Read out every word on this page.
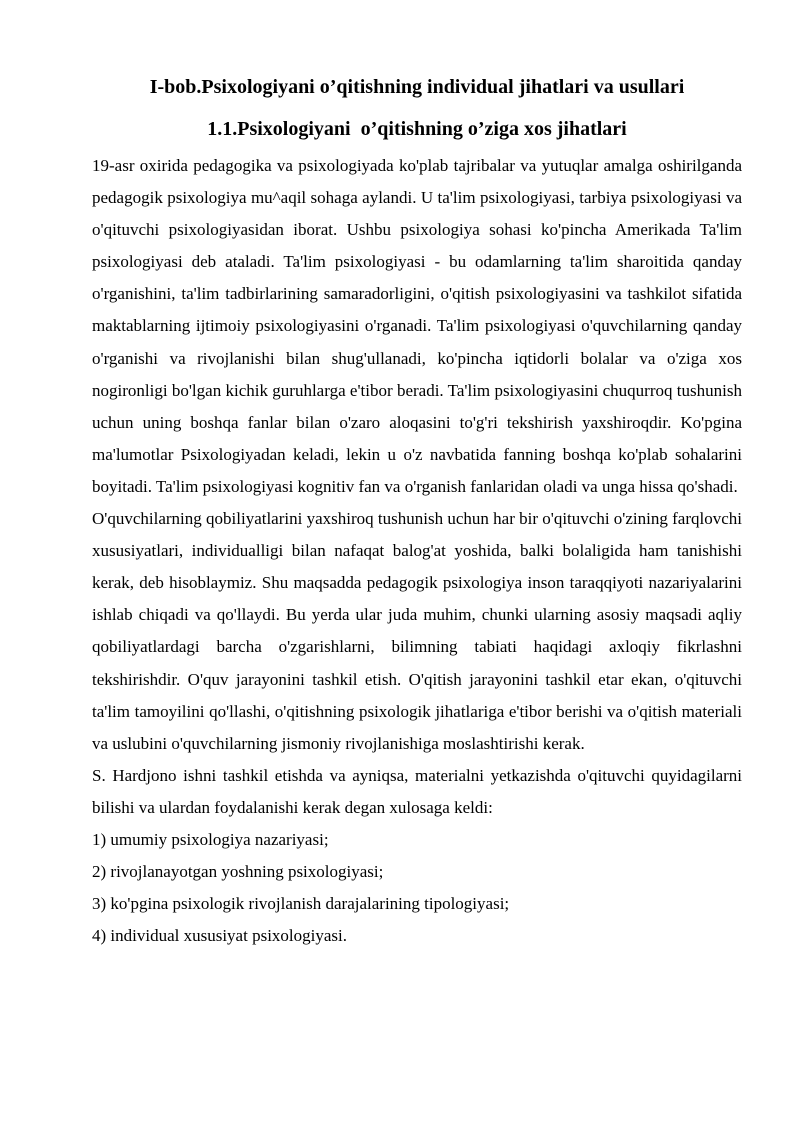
I-bob.Psixologiyani o’qitishning individual jihatlari va usullari
1.1.Psixologiyani  o’qitishning o’ziga xos jihatlari

19-asr oxirida pedagogika va psixologiyada ko'plab tajribalar va yutuqlar amalga oshirilganda pedagogik psixologiya mu^aqil sohaga aylandi. U ta'lim psixologiyasi, tarbiya psixologiyasi va o'qituvchi psixologiyasidan iborat. Ushbu psixologiya sohasi ko'pincha Amerikada Ta'lim psixologiyasi deb ataladi. Ta'lim psixologiyasi - bu odamlarning ta'lim sharoitida qanday o'rganishini, ta'lim tadbirlarining samaradorligini, o'qitish psixologiyasini va tashkilot sifatida maktablarning ijtimoiy psixologiyasini o'rganadi. Ta'lim psixologiyasi o'quvchilarning qanday o'rganishi va rivojlanishi bilan shug'ullanadi, ko'pincha iqtidorli bolalar va o'ziga xos nogironligi bo'lgan kichik guruhlarga e'tibor beradi. Ta'lim psixologiyasini chuqurroq tushunish uchun uning boshqa fanlar bilan o'zaro aloqasini to'g'ri tekshirish yaxshiroqdir. Ko'pgina ma'lumotlar Psixologiyadan keladi, lekin u o'z navbatida fanning boshqa ko'plab sohalarini boyitadi. Ta'lim psixologiyasi kognitiv fan va o'rganish fanlaridan oladi va unga hissa qo'shadi.

O'quvchilarning qobiliyatlarini yaxshiroq tushunish uchun har bir o'qituvchi o'zining farqlovchi xususiyatlari, individualligi bilan nafaqat balog'at yoshida, balki bolaligida ham tanishishi kerak, deb hisoblaymiz. Shu maqsadda pedagogik psixologiya inson taraqqiyoti nazariyalarini ishlab chiqadi va qo'llaydi. Bu yerda ular juda muhim, chunki ularning asosiy maqsadi aqliy qobiliyatlardagi barcha o'zgarishlarni, bilimning tabiati haqidagi axloqiy fikrlashni tekshirishdir. O'quv jarayonini tashkil etish. O'qitish jarayonini tashkil etar ekan, o'qituvchi ta'lim tamoyilini qo'llashi, o'qitishning psixologik jihatlariga e'tibor berishi va o'qitish materiali va uslubini o'quvchilarning jismoniy rivojlanishiga moslashtirishi kerak.

S. Hardjono ishni tashkil etishda va ayniqsa, materialni yetkazishda o'qituvchi quyidagilarni bilishi va ulardan foydalanishi kerak degan xulosaga keldi:

1) umumiy psixologiya nazariyasi;

2) rivojlanayotgan yoshning psixologiyasi;

3) ko'pgina psixologik rivojlanish darajalarining tipologiyasi;

4) individual xususiyat psixologiyasi.
